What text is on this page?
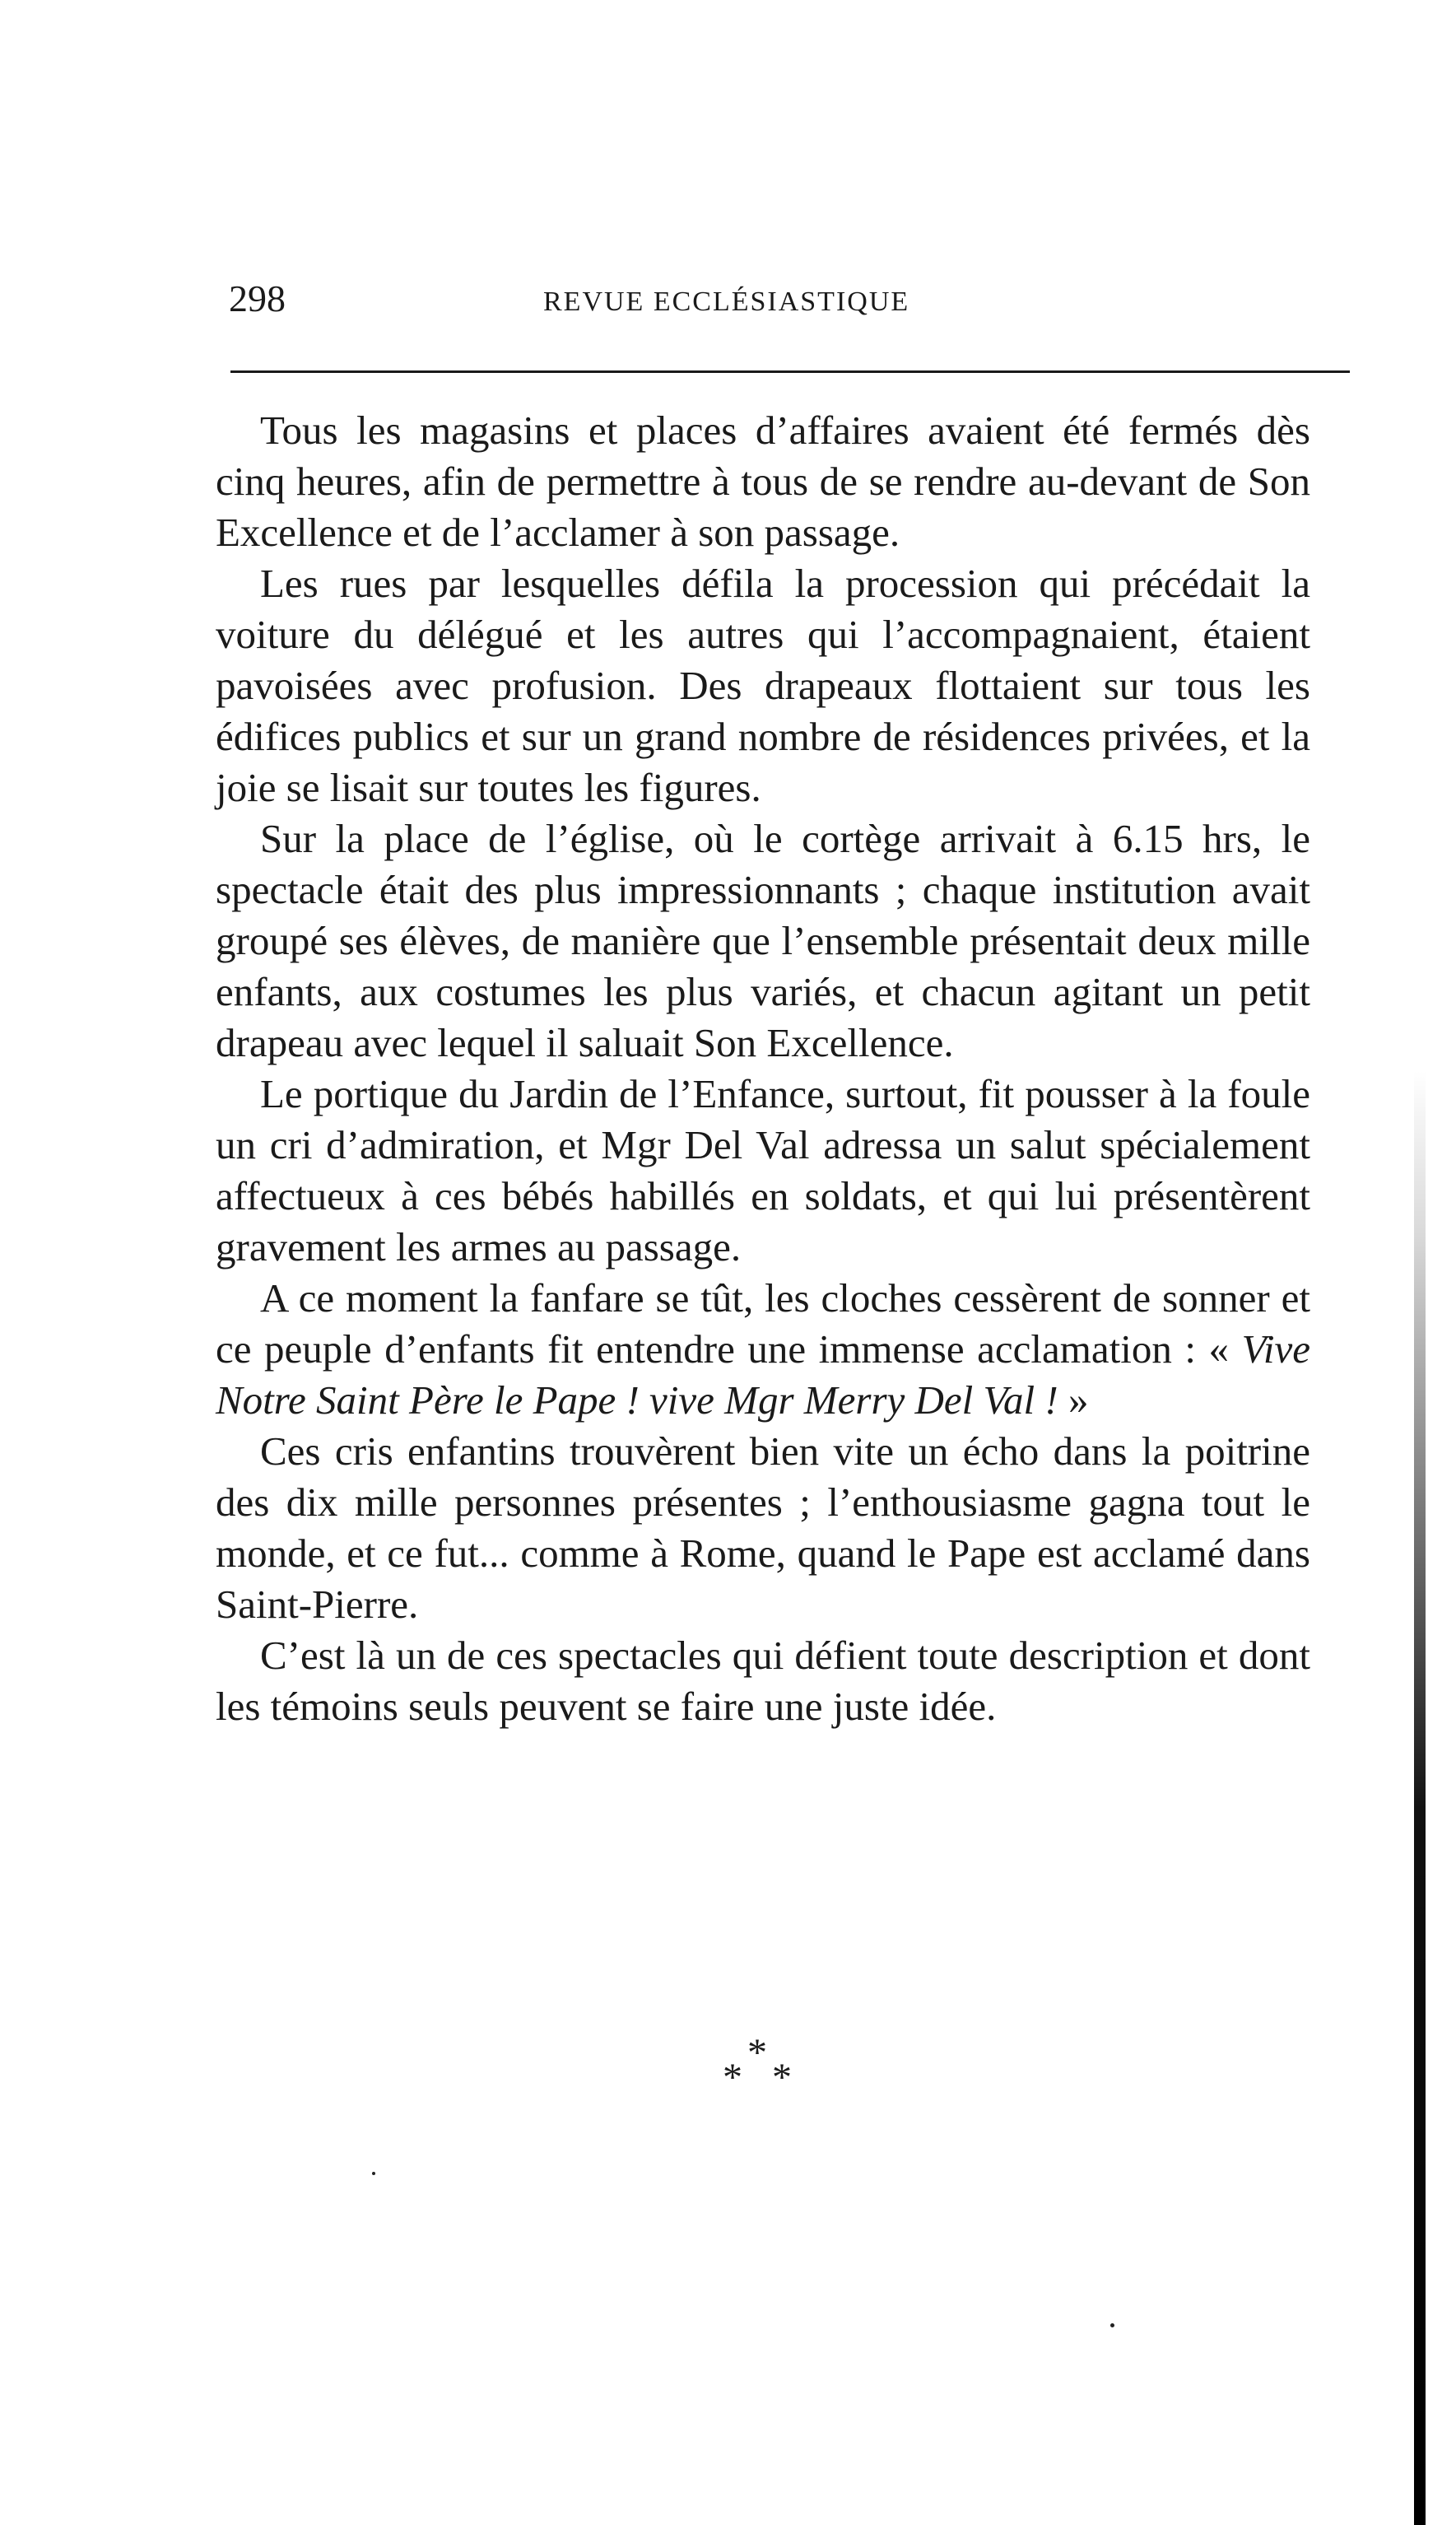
298	REVUE ECCLÉSIASTIQUE

Tous les magasins et places d’affaires avaient été fermés dès cinq heures, afin de permettre à tous de se rendre au-devant de Son Excellence et de l’acclamer à son passage.

Les rues par lesquelles défila la procession qui précédait la voiture du délégué et les autres qui l’accompagnaient, étaient pavoisées avec profusion. Des drapeaux flottaient sur tous les édifices publics et sur un grand nombre de résidences privées, et la joie se lisait sur toutes les figures.

Sur la place de l’église, où le cortège arrivait à 6.15 hrs, le spectacle était des plus impressionnants ; chaque institution avait groupé ses élèves, de manière que l’ensemble présentait deux mille enfants, aux costumes les plus variés, et chacun agitant un petit drapeau avec lequel il saluait Son Excellence.

Le portique du Jardin de l’Enfance, surtout, fit pousser à la foule un cri d’admiration, et Mgr Del Val adressa un salut spécialement affectueux à ces bébés habillés en soldats, et qui lui présentèrent gravement les armes au passage.

A ce moment la fanfare se tût, les cloches cessèrent de sonner et ce peuple d’enfants fit entendre une immense acclamation : « Vive Notre Saint Père le Pape ! vive Mgr Merry Del Val ! »

Ces cris enfantins trouvèrent bien vite un écho dans la poitrine des dix mille personnes présentes ; l’enthousiasme gagna tout le monde, et ce fut... comme à Rome, quand le Pape est acclamé dans Saint-Pierre.

C’est là un de ces spectacles qui défient toute description et dont les témoins seuls peuvent se faire une juste idée.

*
* *
